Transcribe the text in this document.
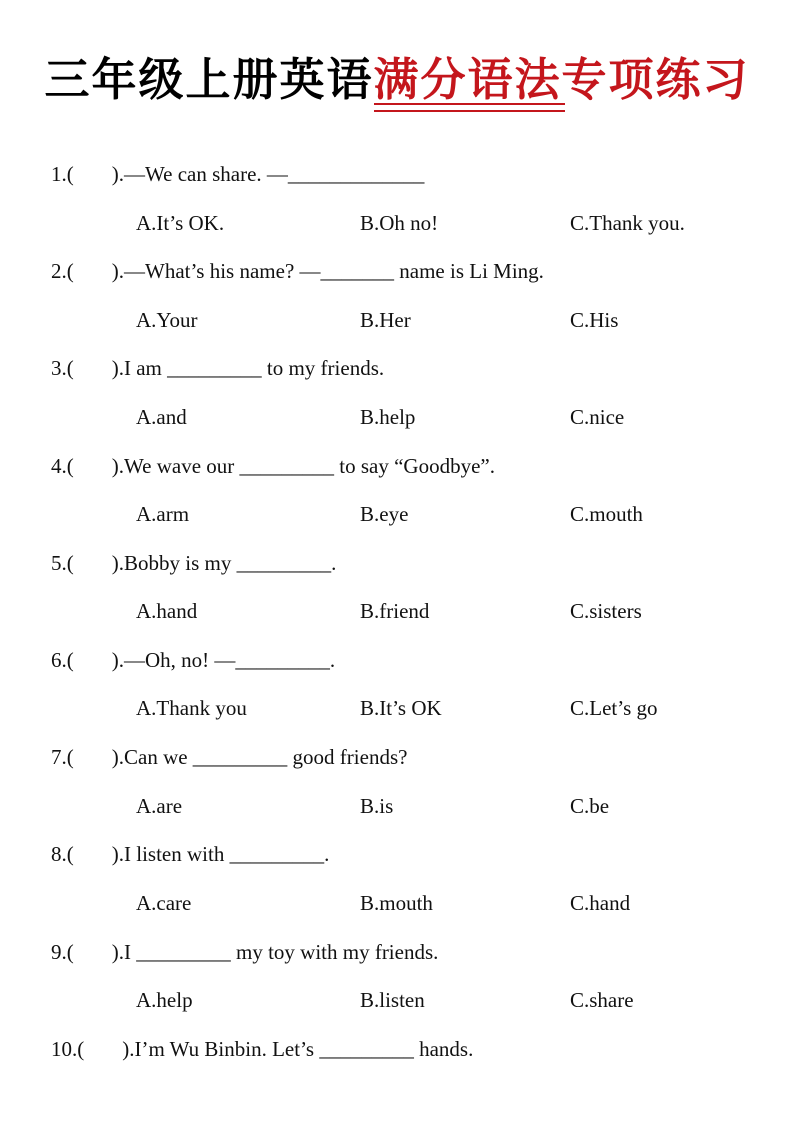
三年级上册英语满分语法专项练习
1.( ).—We can share. —_____________
A.It’s OK.	B.Oh no!	C.Thank you.
2.( ).—What’s his name? —_______ name is Li Ming.
A.Your	B.Her	C.His
3.( ).I am _________ to my friends.
A.and	B.help	C.nice
4.( ).We wave our _________ to say “Goodbye”.
A.arm	B.eye	C.mouth
5.( ).Bobby is my _________.
A.hand	B.friend	C.sisters
6.( ).—Oh, no! —_________.
A.Thank you	B.It’s OK	C.Let’s go
7.( ).Can we _________ good friends?
A.are	B.is	C.be
8.( ).I listen with _________.
A.care	B.mouth	C.hand
9.( ).I _________ my toy with my friends.
A.help	B.listen	C.share
10.( ).I’m Wu Binbin. Let’s _________ hands.
